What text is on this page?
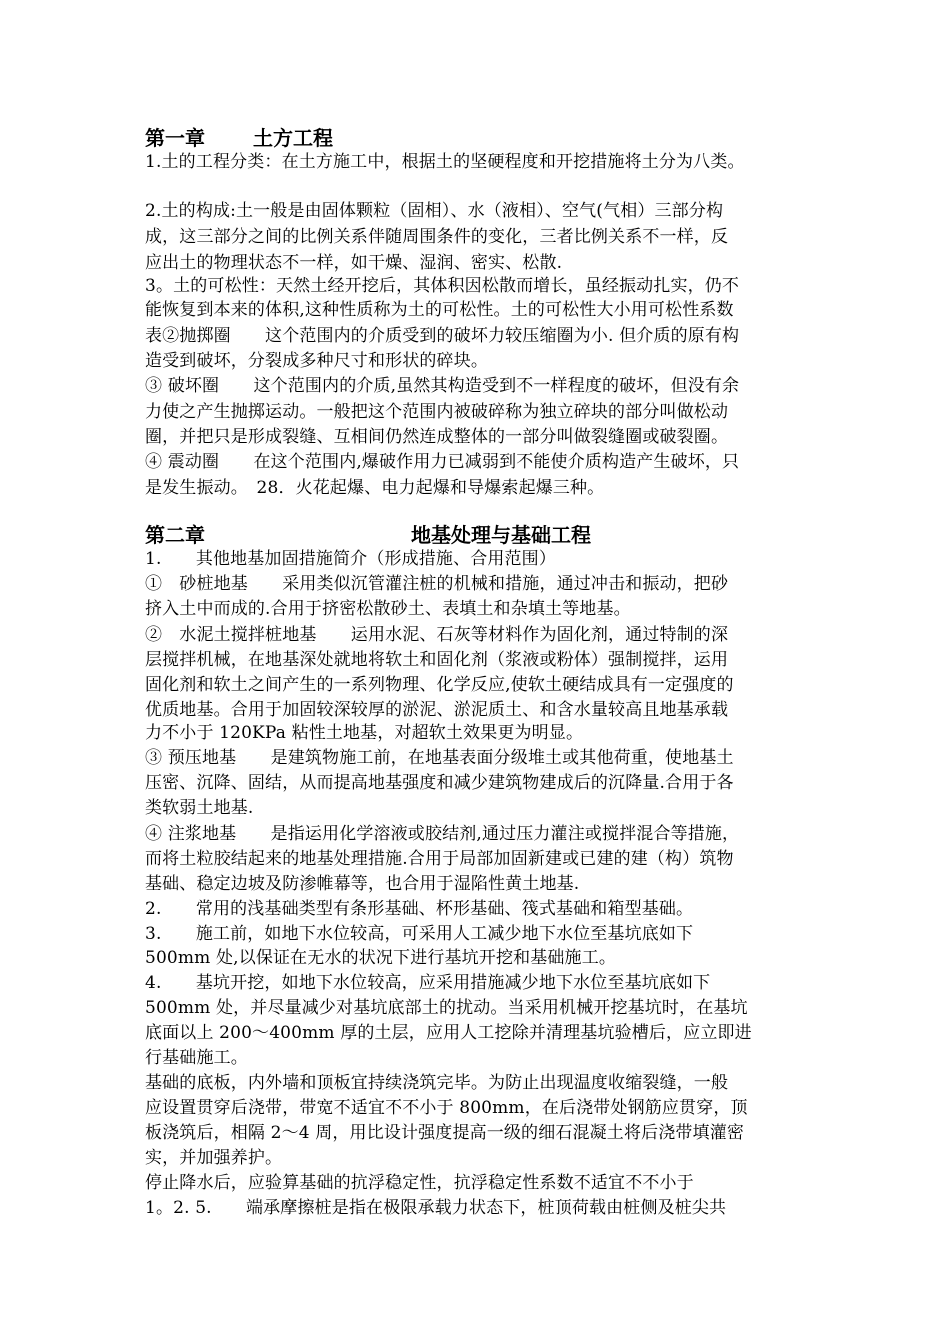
第一章 土方工程
1.土的工程分类：在土方施工中，根据土的坚硬程度和开挖措施将土分为八类。
2.土的构成:土一般是由固体颗粒（固相）、水（液相）、空气(气相）三部分构
成，这三部分之间的比例关系伴随周围条件的变化，三者比例关系不一样，反
应出土的物理状态不一样，如干燥、湿润、密实、松散.
3。土的可松性：天然土经开挖后，其体积因松散而增长，虽经振动扎实，仍不
能恢复到本来的体积,这种性质称为土的可松性。土的可松性大小用可松性系数
表②抛掷圈　　这个范围内的介质受到的破坏力较压缩圈为小. 但介质的原有构
造受到破坏，分裂成多种尺寸和形状的碎块。
③ 破坏圈　　这个范围内的介质,虽然其构造受到不一样程度的破坏，但没有余
力使之产生抛掷运动。一般把这个范围内被破碎称为独立碎块的部分叫做松动
圈，并把只是形成裂缝、互相间仍然连成整体的一部分叫做裂缝圈或破裂圈。
④ 震动圈　　在这个范围内,爆破作用力已减弱到不能使介质构造产生破坏，只
是发生振动。　28．火花起爆、电力起爆和导爆索起爆三种。
第二章	地基处理与基础工程
1.　　其他地基加固措施简介（形成措施、合用范围）
①　砂桩地基　　采用类似沉管灌注桩的机械和措施，通过冲击和振动，把砂
挤入土中而成的.合用于挤密松散砂土、表填土和杂填土等地基。
②　水泥土搅拌桩地基　　运用水泥、石灰等材料作为固化剂，通过特制的深
层搅拌机械，在地基深处就地将软土和固化剂（浆液或粉体）强制搅拌，运用
固化剂和软土之间产生的一系列物理、化学反应,使软土硬结成具有一定强度的
优质地基。合用于加固较深较厚的淤泥、淤泥质土、和含水量较高且地基承载
力不小于 120KPa 粘性土地基，对超软土效果更为明显。
③ 预压地基　　是建筑物施工前，在地基表面分级堆土或其他荷重，使地基土
压密、沉降、固结，从而提高地基强度和减少建筑物建成后的沉降量.合用于各
类软弱土地基.
④ 注浆地基　　是指运用化学溶液或胶结剂,通过压力灌注或搅拌混合等措施，
而将土粒胶结起来的地基处理措施.合用于局部加固新建或已建的建（构）筑物
基础、稳定边坡及防渗帷幕等，也合用于湿陷性黄土地基.
2.　　常用的浅基础类型有条形基础、杯形基础、筏式基础和箱型基础。
3.　　施工前，如地下水位较高，可采用人工减少地下水位至基坑底如下
500mm 处,以保证在无水的状况下进行基坑开挖和基础施工。
4.　　基坑开挖，如地下水位较高，应采用措施减少地下水位至基坑底如下
500mm 处，并尽量减少对基坑底部土的扰动。当采用机械开挖基坑时，在基坑
底面以上 200～400mm 厚的土层，应用人工挖除并清理基坑验槽后，应立即进
行基础施工。
基础的底板，内外墙和顶板宜持续浇筑完毕。为防止出现温度收缩裂缝，一般
应设置贯穿后浇带，带宽不适宜不不小于 800mm，在后浇带处钢筋应贯穿，顶
板浇筑后，相隔 2～4 周，用比设计强度提高一级的细石混凝土将后浇带填灌密
实，并加强养护。
停止降水后，应验算基础的抗浮稳定性，抗浮稳定性系数不适宜不不小于
1。2. 5.　　端承摩擦桩是指在极限承载力状态下，桩顶荷载由桩侧及桩尖共
